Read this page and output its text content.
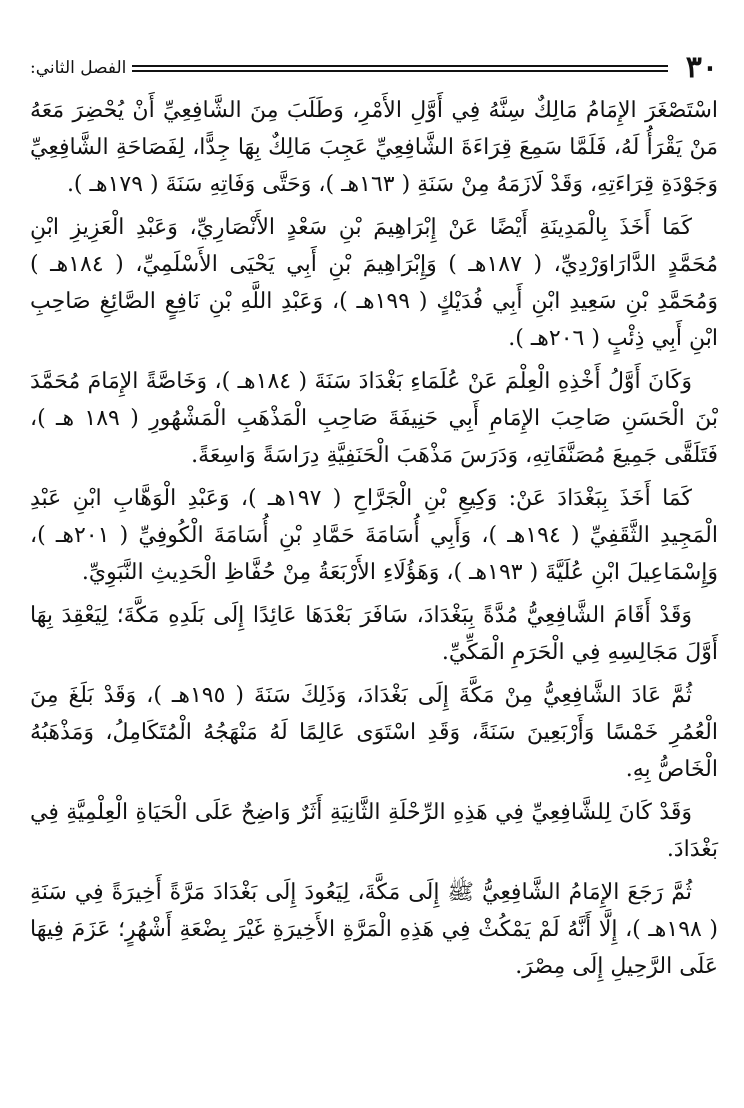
٣٠
الفصل الثاني:

اسْتَصْغَرَ الإِمَامُ مَالِكٌ سِنَّهُ فِي أَوَّلِ الأَمْرِ، وَطَلَبَ مِنَ الشَّافِعِيِّ أَنْ يُحْضِرَ مَعَهُ مَنْ يَقْرَأُ لَهُ، فَلَمَّا سَمِعَ قِرَاءَةَ الشَّافِعِيِّ عَجِبَ مَالِكٌ بِهَا جِدًّا، لِفَصَاحَةِ الشَّافِعِيِّ وَجَوْدَةِ قِرَاءَتِهِ، وَقَدْ لَازَمَهُ مِنْ سَنَةِ ( ١٦٣هـ )، وَحَتَّى وَفَاتِهِ سَنَةَ ( ١٧٩هـ ).

كَمَا أَخَذَ بِالْمَدِينَةِ أَيْضًا عَنْ إِبْرَاهِيمَ بْنِ سَعْدٍ الأَنْصَارِيِّ، وَعَبْدِ الْعَزِيزِ ابْنِ مُحَمَّدٍ الدَّارَاوَرْدِيِّ، ( ١٨٧هـ ) وَإِبْرَاهِيمَ بْنِ أَبِي يَحْيَى الأَسْلَمِيِّ، ( ١٨٤هـ ) وَمُحَمَّدِ بْنِ سَعِيدِ ابْنِ أَبِي فُدَيْكٍ ( ١٩٩هـ )، وَعَبْدِ اللَّهِ بْنِ نَافِعٍ الصَّائِغِ صَاحِبِ ابْنِ أَبِي ذِئْبٍ ( ٢٠٦هـ ).

وَكَانَ أَوَّلُ أَخْذِهِ الْعِلْمَ عَنْ عُلَمَاءِ بَغْدَادَ سَنَةَ ( ١٨٤هـ )، وَخَاصَّةً الإِمَامَ مُحَمَّدَ بْنَ الْحَسَنِ صَاحِبَ الإِمَامِ أَبِي حَنِيفَةَ صَاحِبِ الْمَذْهَبِ الْمَشْهُورِ ( ١٨٩ هـ )، فَتَلَقَّى جَمِيعَ مُصَنَّفَاتِهِ، وَدَرَسَ مَذْهَبَ الْحَنَفِيَّةِ دِرَاسَةً وَاسِعَةً.

كَمَا أَخَذَ بِبَغْدَادَ عَنْ: وَكِيعِ بْنِ الْجَرَّاحِ ( ١٩٧هـ )، وَعَبْدِ الْوَهَّابِ ابْنِ عَبْدِ الْمَجِيدِ الثَّقَفِيِّ ( ١٩٤هـ )، وَأَبِي أُسَامَةَ حَمَّادِ بْنِ أُسَامَةَ الْكُوفِيِّ ( ٢٠١هـ )، وَإِسْمَاعِيلَ ابْنِ عُلَيَّةَ ( ١٩٣هـ )، وَهَؤُلَاءِ الأَرْبَعَةُ مِنْ حُفَّاظِ الْحَدِيثِ النَّبَوِيِّ.

وَقَدْ أَقَامَ الشَّافِعِيُّ مُدَّةً بِبَغْدَادَ، سَافَرَ بَعْدَهَا عَائِدًا إِلَى بَلَدِهِ مَكَّةَ؛ لِيَعْقِدَ بِهَا أَوَّلَ مَجَالِسِهِ فِي الْحَرَمِ الْمَكِّيِّ.

ثُمَّ عَادَ الشَّافِعِيُّ مِنْ مَكَّةَ إِلَى بَغْدَادَ، وَذَلِكَ سَنَةَ ( ١٩٥هـ )، وَقَدْ بَلَغَ مِنَ الْعُمُرِ خَمْسًا وَأَرْبَعِينَ سَنَةً، وَقَدِ اسْتَوَى عَالِمًا لَهُ مَنْهَجُهُ الْمُتَكَامِلُ، وَمَذْهَبُهُ الْخَاصُّ بِهِ.

وَقَدْ كَانَ لِلشَّافِعِيِّ فِي هَذِهِ الرِّحْلَةِ الثَّانِيَةِ أَثَرٌ وَاضِحٌ عَلَى الْحَيَاةِ الْعِلْمِيَّةِ فِي بَغْدَادَ.

ثُمَّ رَجَعَ الإِمَامُ الشَّافِعِيُّ ﷺ إِلَى مَكَّةَ، لِيَعُودَ إِلَى بَغْدَادَ مَرَّةً أَخِيرَةً فِي سَنَةِ ( ١٩٨هـ )، إِلَّا أَنَّهُ لَمْ يَمْكُثْ فِي هَذِهِ الْمَرَّةِ الأَخِيرَةِ غَيْرَ بِضْعَةِ أَشْهُرٍ؛ عَزَمَ فِيهَا عَلَى الرَّحِيلِ إِلَى مِصْرَ.
